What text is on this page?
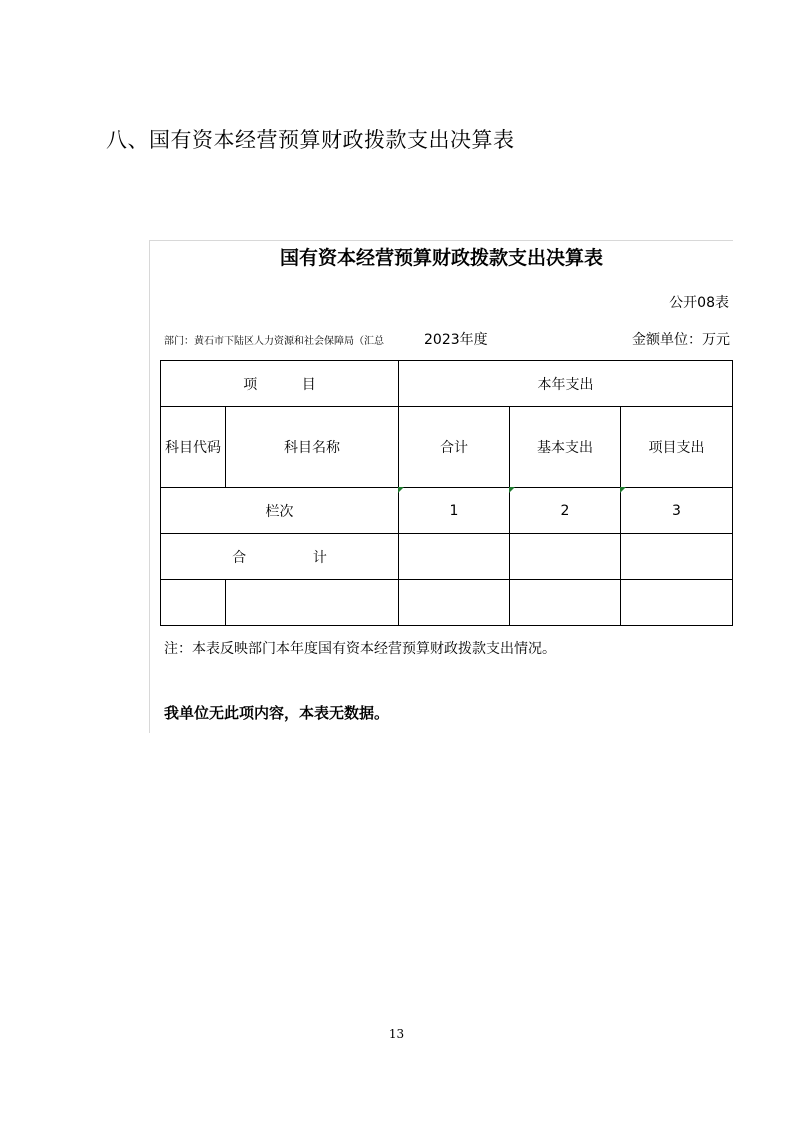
八、国有资本经营预算财政拨款支出决算表
国有资本经营预算财政拨款支出决算表
公开08表
部门：黄石市下陆区人力资源和社会保障局（汇总	2023年度	金额单位：万元
项          目		本年支出		
科目代码	科目名称	合计	基本支出	项目支出
栏次		1	2	3
合               计				

注：本表反映部门本年度国有资本经营预算财政拨款支出情况。
我单位无此项内容，本表无数据。
13
